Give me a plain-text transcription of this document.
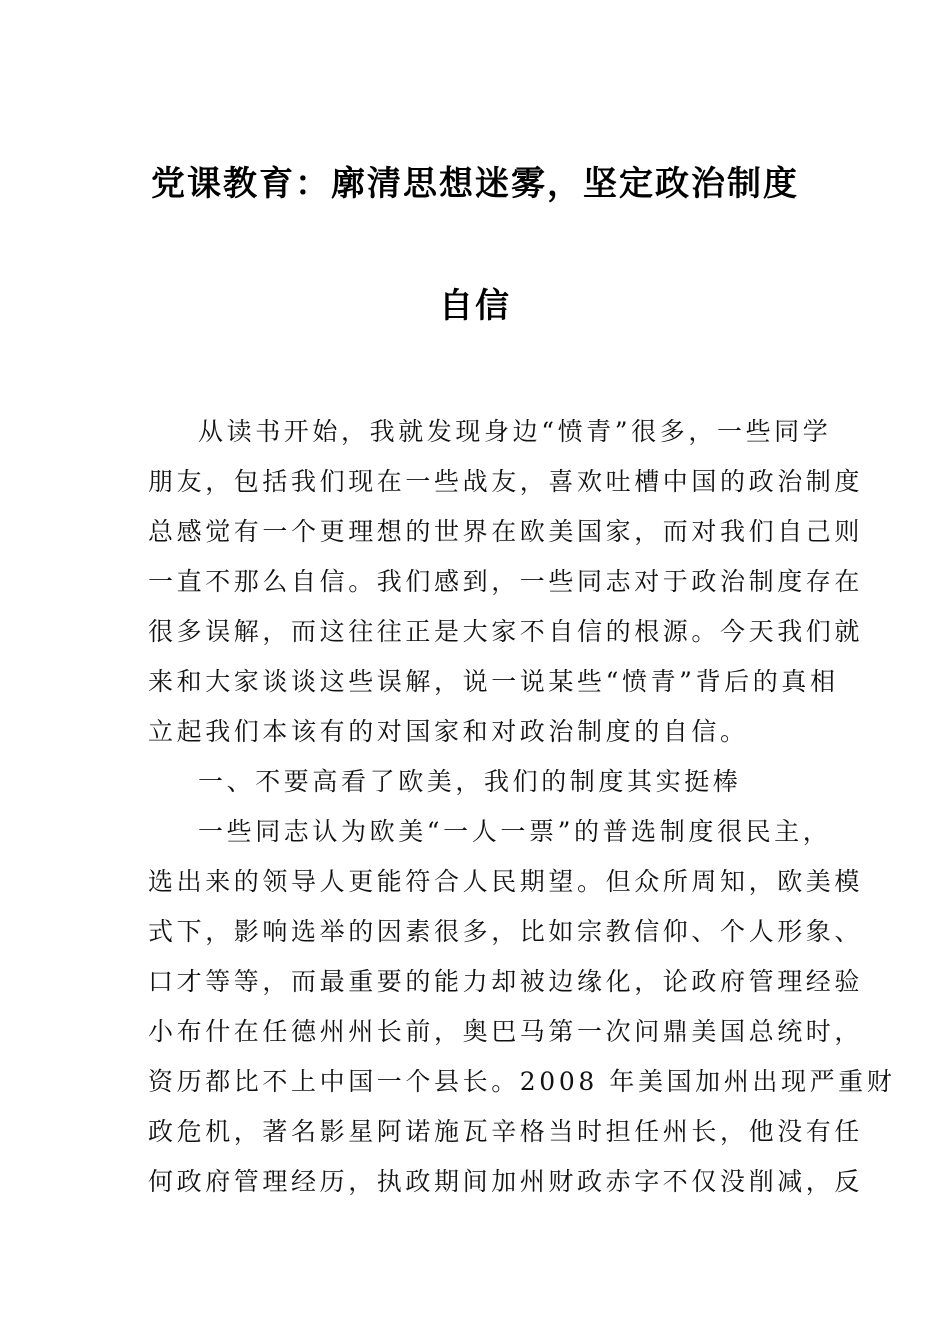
党课教育：廓清思想迷雾，坚定政治制度
自信
从读书开始，我就发现身边“愤青”很多，一些同学
朋友，包括我们现在一些战友，喜欢吐槽中国的政治制度
总感觉有一个更理想的世界在欧美国家，而对我们自己则
一直不那么自信。我们感到，一些同志对于政治制度存在
很多误解，而这往往正是大家不自信的根源。今天我们就
来和大家谈谈这些误解，说一说某些“愤青”背后的真相
立起我们本该有的对国家和对政治制度的自信。
一、不要高看了欧美，我们的制度其实挺棒
一些同志认为欧美“一人一票”的普选制度很民主，
选出来的领导人更能符合人民期望。但众所周知，欧美模
式下，影响选举的因素很多，比如宗教信仰、个人形象、
口才等等，而最重要的能力却被边缘化，论政府管理经验
小布什在任德州州长前，奥巴马第一次问鼎美国总统时，
资历都比不上中国一个县长。2008 年美国加州出现严重财
政危机，著名影星阿诺施瓦辛格当时担任州长，他没有任
何政府管理经历，执政期间加州财政赤字不仅没削减，反
